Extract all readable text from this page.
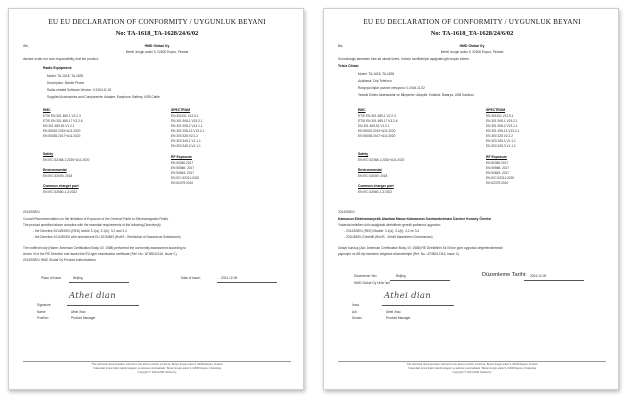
EU EU DECLARATION OF CONFORMITY / UYGUNLUK BEYANI
No: TA-1618_TA-1628/24/6/02
We,	HMD Global Oy
Bertel Jungin aukio 9, 02600 Espoo, Finland
declare under our sole responsibility, that the product:
Radio Equipment:
Model: TA-1618, TA-1628
Description: Mobile Phone
Radio-related Software Version: 0.2404.11.02
Supplied Accessories and Components: Adapter, Earphone, Battery, USB Cable
EMC
ETSI EN 301 489-1 V2.2.3
ETSI EN 301 489-17 V3.2.6
EN 301 489-52 V1.2.1
EN 55032:2015+A11:2020
EN 55035:2017+A11:2020
SPECTRUM
EN 301511 V12.5.1
EN 301 908-1 V15.2.1
EN 301 908-2 V13.1.1
EN 301 908-13 V13.2.1
EN 300 328 V2.2.2
EN 303 345-1 V1.1.1
EN 303 345-3 V1.1.1
Safety
EN IEC 62368-1:2020+A11:2020
RF Exposure
EN 50360:2017
EN 50566: 2017
EN 50663: 2017
EN IEC 62311:2020
EN 62479:2010
Environmental
EN IEC 63000: 2018
Common charger port
EN IEC 62680-1-3:2022
2014/53/EU
Council Recommendation on the limitation of Exposure of the General Public to Electromagnetic Fields.
The product specified above complies with the essential requirements of the following Directive(s):
- the Directive 2014/53/EU (RED) Article 3.1(a), 3.1(b), 3.2 and 3.4
- the Directive 2011/65/EU with amendment EU 2015/863 (RoHS - Restriction of Hazardous Substances)
The notified body (Name: American Certification Body, ID: 1588) performed the conformity assessment according to
Annex III of the RE Directive and issued the EU-type examination certificate (Ref. No.: AT3B012116, Issue C).
2014/53/EU HMD Global Oy Product Authorizations
Place of Issue:	Beijing	Date of Issue:	2024-12-09
Athei dian
Signature
Name	Athei Xiao
Position	Product Manager
This technical documentation referred to the above product is held at: Bertel Jungin aukio 9, 02600 Espoo, Finland
Yukarıdaki ürüne ilişkin teknik belgeler şu adreste tutulmaktadır: Bertel Jungin aukio 9, 02600 Espoo, Finlandiya
Copyright © 2024 HMD Global Oy
EU EU DECLARATION OF CONFORMITY / UYGUNLUK BEYANI
No: TA-1618_TA-1628/24/6/02
Biz,	HMD Global Oy
Bertel Jungin aukio 9, 02600 Espoo, Finland
Sorumluluğu tamamen bize ait olmak üzere, ürünün özellikleriyle aşağıdaki gibi beyan ederiz:
Telsiz Cihazı:
Model: TA-1618, TA-1628
Açıklama: Cep Telefonu
Radyoya ilişkin yazılım versiyonu: 0.2404.11.02
Tedarik Edilen Aksesuarlar ve Bileşenler: Adaptör, Kulaklık, Batarya, USB Kablosu
EMC
ETSI EN 301 489-1 V2.2.3
ETSI EN 301 489-17 V3.2.6
EN 301 489-52 V1.2.1
EN 55032:2015+A11:2020
EN 55035:2017+A11:2020
SPECTRUM
EN 301511 V12.5.1
EN 301 908-1 V15.2.1
EN 301 908-2 V13.1.1
EN 301 908-13 V13.2.1
EN 300 328 V2.2.2
EN 303 345-1 V1.1.1
EN 303 345-3 V1.1.1
Safety
EN IEC 62368-1:2020+A11:2020
RF Exposure
EN 50360:2017
EN 50566: 2017
EN 50663: 2017
EN IEC 62311:2020
EN 62479:2010
Environmental
EN IEC 63000: 2018
Common charger port
EN IEC 62680-1-3:2022
2014/53/EU
Kamunun Elektromanyetik Alanlara Maruz Kalmasının Sınırlandırılması Üzerine Konsey Önerisi
Yukarıda belirtilen ürün aşağıdaki direktiflerin gerekli şartlarına uygundur:
- 2014/53/EU (RED) Madde: 3.1(a), 3.1(b), 3.2 ve 3.4
- 2011/65/EU Direktifi (RoHS - Zehirli Maddelerin Sınırlanması)
Onaylı kuruluş (Adı: American Certification Body, ID: 1588) RE Direktifinin Ek III'üne göre uygunluk değerlendirmesini
yapmıştır ve AB tipi inceleme belgesini düzenlemiştir (Ref. No.: AT3B012116, Issue C).
Düzenleme Yeri:	Beijing	Düzenleme Tarihi: 2024-12-09
HMD Global Oy Ürün İzni
Athei dian
İmza
Adı	Athei Xiao
Ünvanı	Product Manager
This technical documentation referred to the above product is held at: Bertel Jungin aukio 9, 02600 Espoo, Finland
Yukarıdaki ürüne ilişkin teknik belgeler şu adreste tutulmaktadır: Bertel Jungin aukio 9, 02600 Espoo, Finlandiya
Copyright © 2024 HMD Global Oy
